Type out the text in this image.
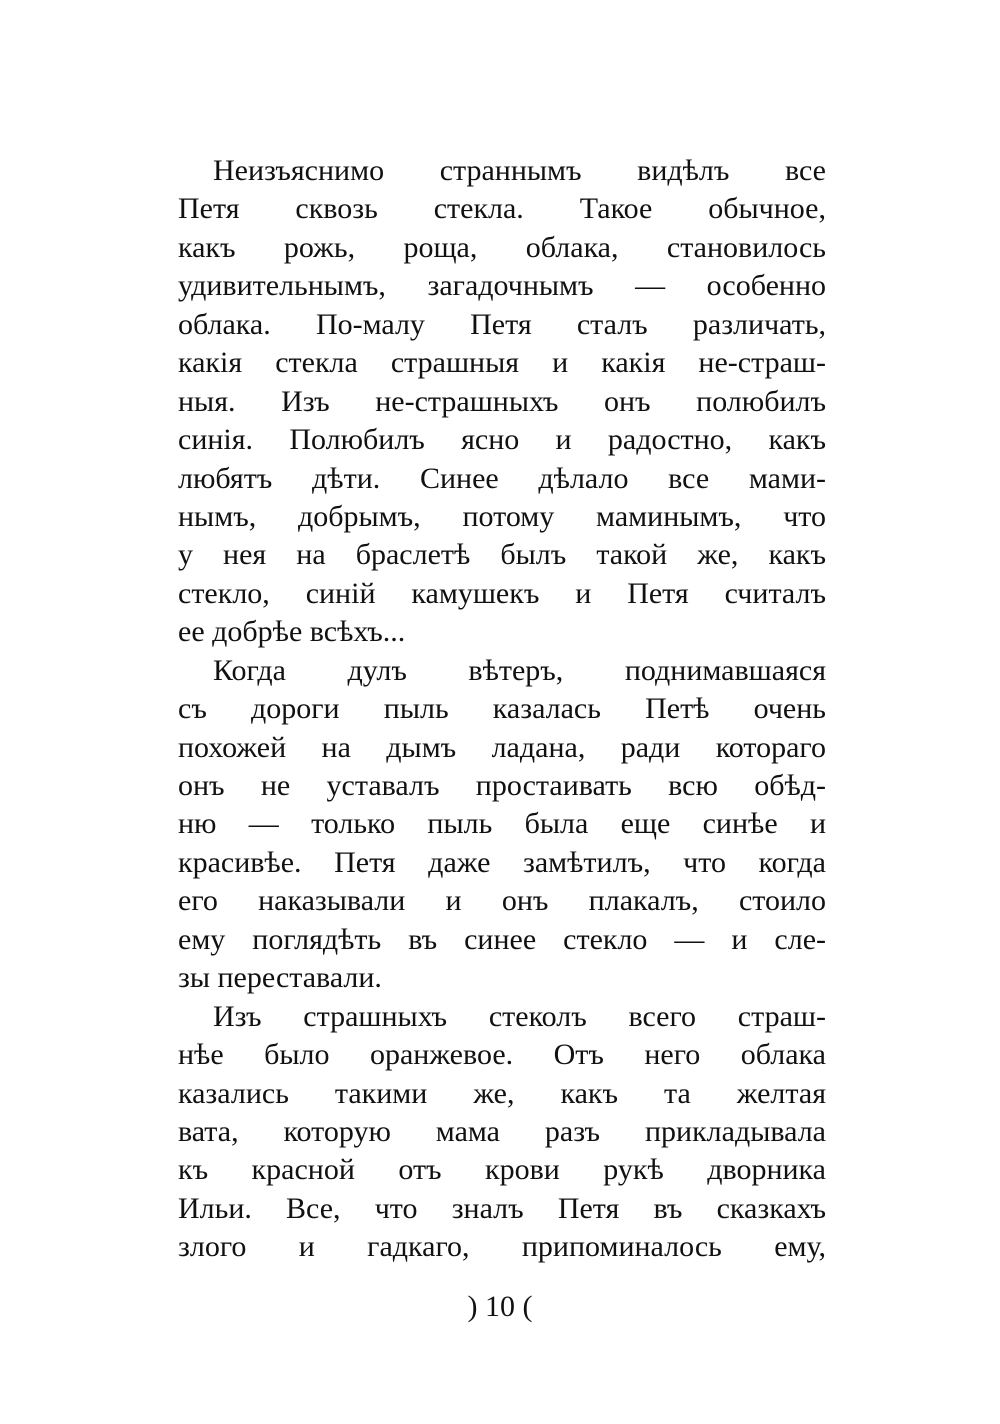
Неизъяснимо страннымъ видѣлъ все
Петя сквозь стекла. Такое обычное,
какъ рожь, роща, облака, становилось
удивительнымъ, загадочнымъ — особенно
облака. По-малу Петя сталъ различать,
какія стекла страшныя и какія не-страш-
ныя. Изъ не-страшныхъ онъ полюбилъ
синія. Полюбилъ ясно и радостно, какъ
любятъ дѣти. Синее дѣлало все мами-
нымъ, добрымъ, потому маминымъ, что
у нея на браслетѣ былъ такой же, какъ
стекло, синій камушекъ и Петя считалъ
ее добрѣе всѣхъ...
Когда дулъ вѣтеръ, поднимавшаяся
съ дороги пыль казалась Петѣ очень
похожей на дымъ ладана, ради котораго
онъ не уставалъ простаивать всю обѣд-
ню — только пыль была еще синѣе и
красивѣе. Петя даже замѣтилъ, что когда
его наказывали и онъ плакалъ, стоило
ему поглядѣть въ синее стекло — и сле-
зы переставали.
Изъ страшныхъ стеколъ всего страш-
нѣе было оранжевое. Отъ него облака
казались такими же, какъ та желтая
вата, которую мама разъ прикладывала
къ красной отъ крови рукѣ дворника
Ильи. Все, что зналъ Петя въ сказкахъ
злого и гадкаго, припоминалось ему,
) 10 (
